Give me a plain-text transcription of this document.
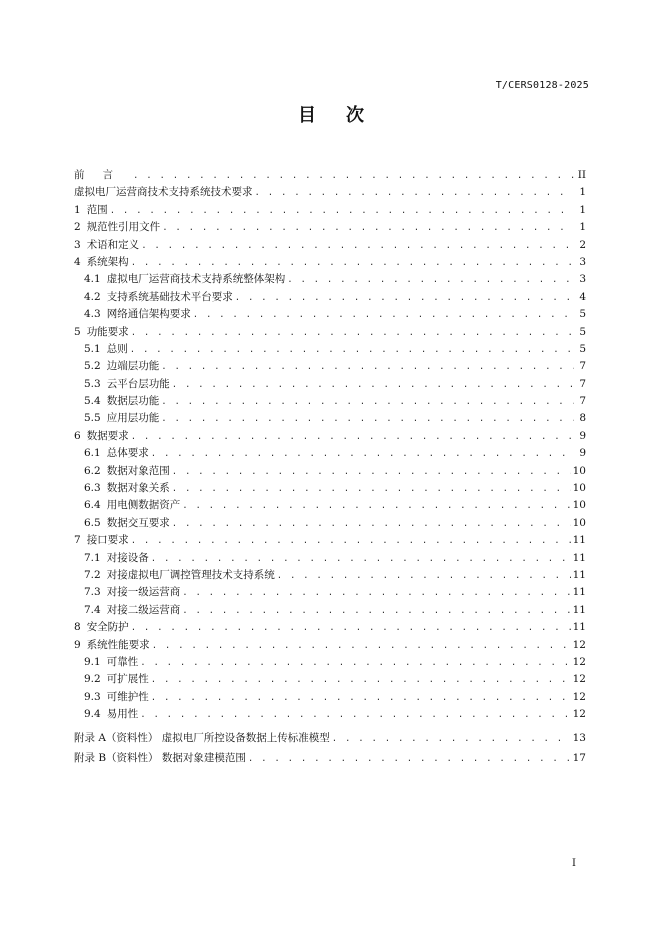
T/CERS0128-2025
目次
前言 . . .	II
虚拟电厂运营商技术支持系统技术要求 . . .	1
1 范围 . . .	1
2 规范性引用文件 . . .	1
3 术语和定义 . . .	2
4 系统架构 . . .	3
4.1 虚拟电厂运营商技术支持系统整体架构 . . .	3
4.2 支持系统基础技术平台要求 . . .	4
4.3 网络通信架构要求 . . .	5
5 功能要求 . . .	5
5.1 总则 . . .	5
5.2 边端层功能 . . .	7
5.3 云平台层功能 . . .	7
5.4 数据层功能 . . .	7
5.5 应用层功能 . . .	8
6 数据要求 . . .	9
6.1 总体要求 . . .	9
6.2 数据对象范围 . . .	10
6.3 数据对象关系 . . .	10
6.4 用电侧数据资产 . . .	10
6.5 数据交互要求 . . .	10
7 接口要求 . . .	11
7.1 对接设备 . . .	11
7.2 对接虚拟电厂调控管理技术支持系统 . . .	11
7.3 对接一级运营商 . . .	11
7.4 对接二级运营商 . . .	11
8 安全防护 . . .	11
9 系统性能要求 . . .	12
9.1 可靠性 . . .	12
9.2 可扩展性 . . .	12
9.3 可维护性 . . .	12
9.4 易用性 . . .	12
附录 A（资料性） 虚拟电厂所控设备数据上传标准模型 . . .	13
附录 B（资料性） 数据对象建模范围 . . .	17
I
